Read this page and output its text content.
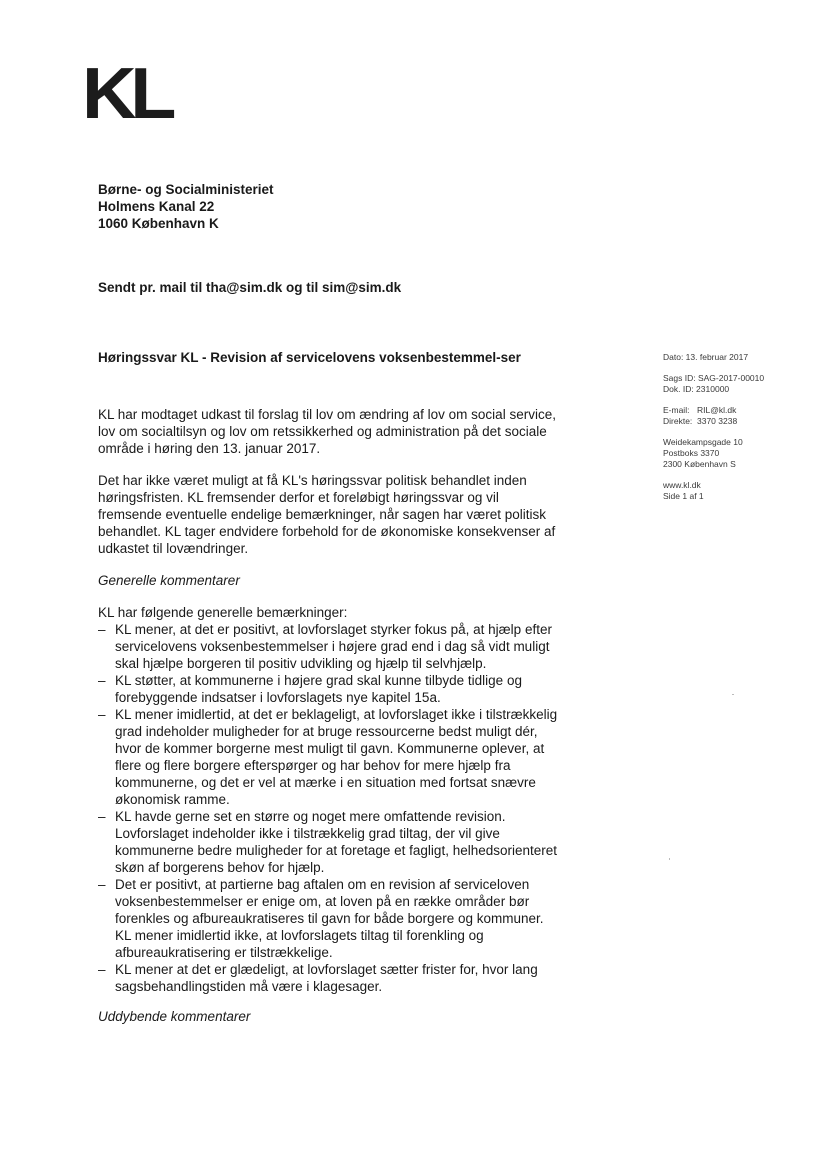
KL
Børne- og Socialministeriet
Holmens Kanal 22
1060 København K
Sendt pr. mail til tha@sim.dk og til sim@sim.dk
Høringssvar KL - Revision af servicelovens voksenbestemmel-ser	Dato: 13. februar 2017
Sags ID: SAG-2017-00010
Dok. ID: 2310000
E-mail: RIL@kl.dk
Direkte: 3370 3238
Weidekampsgade 10
Postboks 3370
2300 København S
www.kl.dk
Side 1 af 1

KL har modtaget udkast til forslag til lov om ændring af lov om social service, lov om socialtilsyn og lov om retssikkerhed og administration på det sociale område i høring den 13. januar 2017.

Det har ikke været muligt at få KL's høringssvar politisk behandlet inden høringsfristen. KL fremsender derfor et foreløbigt høringssvar og vil fremsende eventuelle endelige bemærkninger, når sagen har været politisk behandlet. KL tager endvidere forbehold for de økonomiske konsekvenser af udkastet til lovændringer.

Generelle kommentarer
KL har følgende generelle bemærkninger:
– KL mener, at det er positivt, at lovforslaget styrker fokus på, at hjælp efter servicelovens voksenbestemmelser i højere grad end i dag så vidt muligt skal hjælpe borgeren til positiv udvikling og hjælp til selvhjælp.
– KL støtter, at kommunerne i højere grad skal kunne tilbyde tidlige og forebyggende indsatser i lovforslagets nye kapitel 15a.
– KL mener imidlertid, at det er beklageligt, at lovforslaget ikke i tilstrækkelig grad indeholder muligheder for at bruge ressourcerne bedst muligt dér, hvor de kommer borgerne mest muligt til gavn. Kommunerne oplever, at flere og flere borgere efterspørger og har behov for mere hjælp fra kommunerne, og det er vel at mærke i en situation med fortsat snævre økonomisk ramme.
– KL havde gerne set en større og noget mere omfattende revision. Lovforslaget indeholder ikke i tilstrækkelig grad tiltag, der vil give kommunerne bedre muligheder for at foretage et fagligt, helhedsorienteret skøn af borgerens behov for hjælp.
– Det er positivt, at partierne bag aftalen om en revision af serviceloven voksenbestemmelser er enige om, at loven på en række områder bør forenkles og afbureaukratiseres til gavn for både borgere og kommuner. KL mener imidlertid ikke, at lovforslagets tiltag til forenkling og afbureaukratisering er tilstrækkelige.
– KL mener at det er glædeligt, at lovforslaget sætter frister for, hvor lang sagsbehandlingstiden må være i klagesager.
Uddybende kommentarer
